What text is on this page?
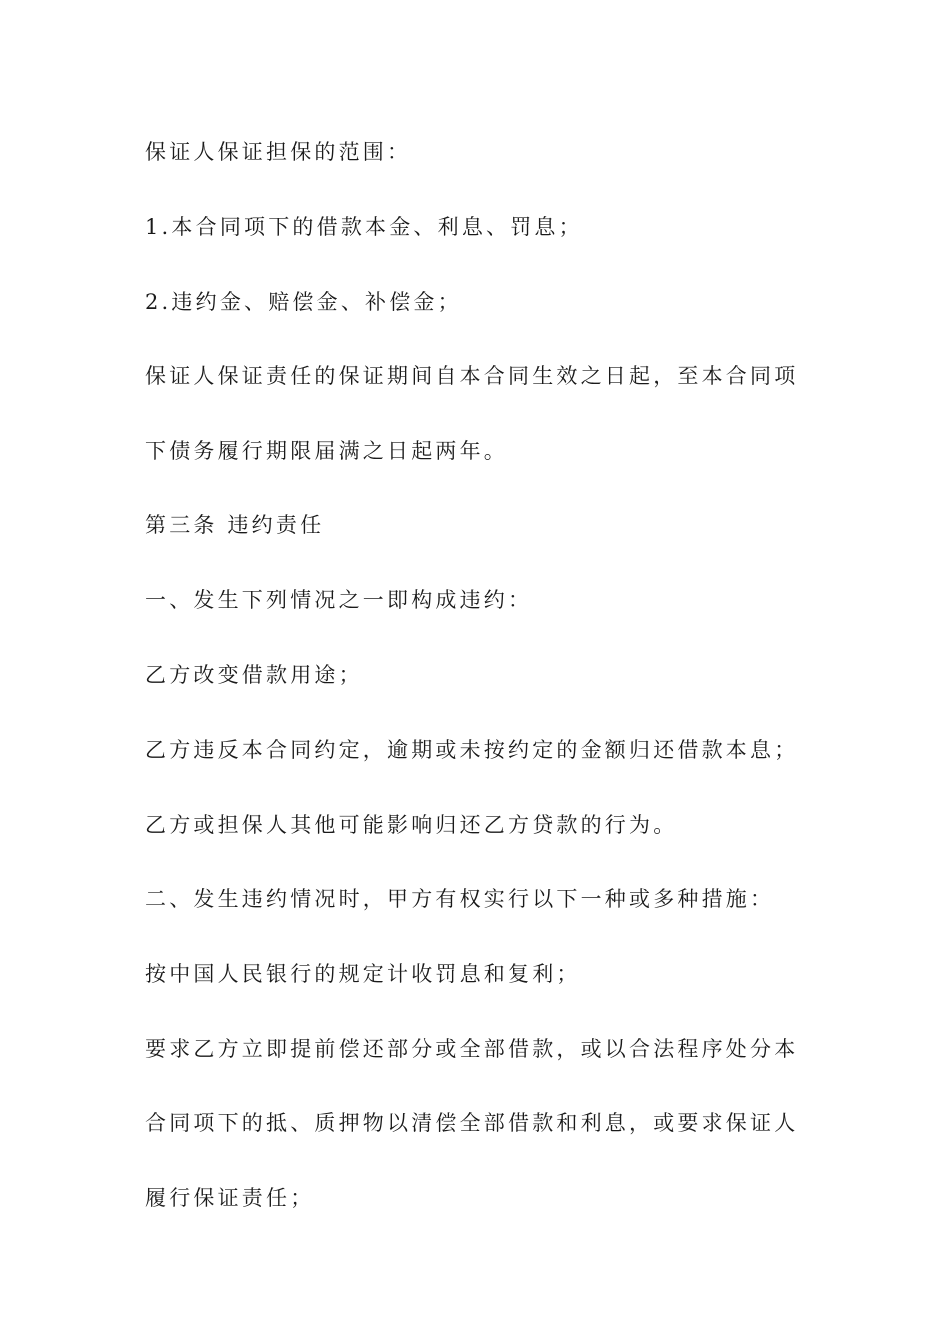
保证人保证担保的范围：
1.本合同项下的借款本金、利息、罚息；
2.违约金、赔偿金、补偿金；
保证人保证责任的保证期间自本合同生效之日起，至本合同项
下债务履行期限届满之日起两年。
第三条 违约责任
一、发生下列情况之一即构成违约：
乙方改变借款用途；
乙方违反本合同约定，逾期或未按约定的金额归还借款本息；
乙方或担保人其他可能影响归还乙方贷款的行为。
二、发生违约情况时，甲方有权实行以下一种或多种措施：
按中国人民银行的规定计收罚息和复利；
要求乙方立即提前偿还部分或全部借款，或以合法程序处分本
合同项下的抵、质押物以清偿全部借款和利息，或要求保证人
履行保证责任；
